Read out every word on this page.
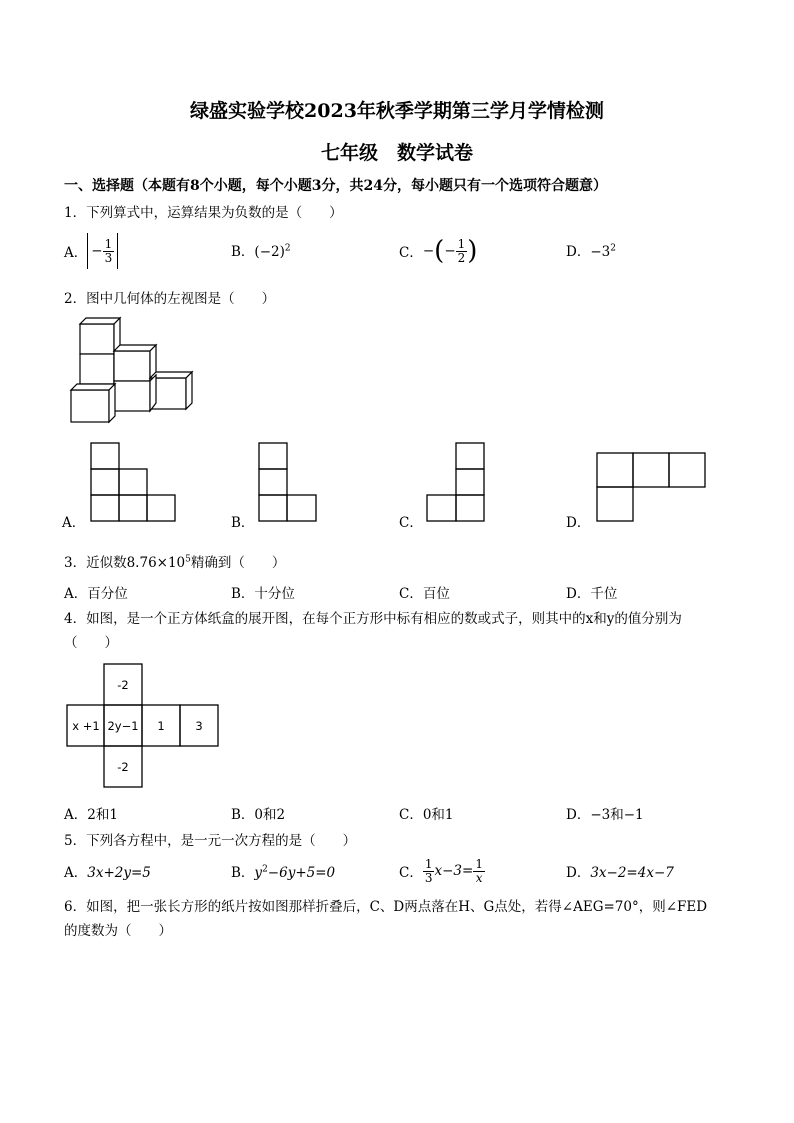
绿盛实验学校2023年秋季学期第三学月学情检测
七年级　数学试卷
一、选择题（本题有8个小题，每个小题3分，共24分，每小题只有一个选项符合题意）
1．下列算式中，运算结果为负数的是（　　）
A． − $\frac{1}{3}$	B．$(-2)^2$	C． − ( − $\frac{1}{2}$ )	D．$-3^2$
2．图中几何体的左视图是（　　）
A．	B．	C．	D．
3．近似数$8.76\times 10^5$精确到（　　）
A．百分位	B．十分位	C．百位	D．千位
4．如图，是一个正方体纸盒的展开图，在每个正方形中标有相应的数或式子，则其中的x和y的值分别为
（　　）
-2
x +1 2y−1 1	3
-2
A．2和1	B．0和2	C．0和1	D．−3和−1
5．下列各方程中，是一元一次方程的是（　　）
A．3x+2y=5	B．$y^2-6y+5=0$	C． $\frac{1}{3} x-3= \frac{1}{x}$	D．3x−2=4x−7
6．如图，把一张长方形的纸片按如图那样折叠后，C、D两点落在H、G点处，若得∠AEG=70°，则∠FED
的度数为（　　）
